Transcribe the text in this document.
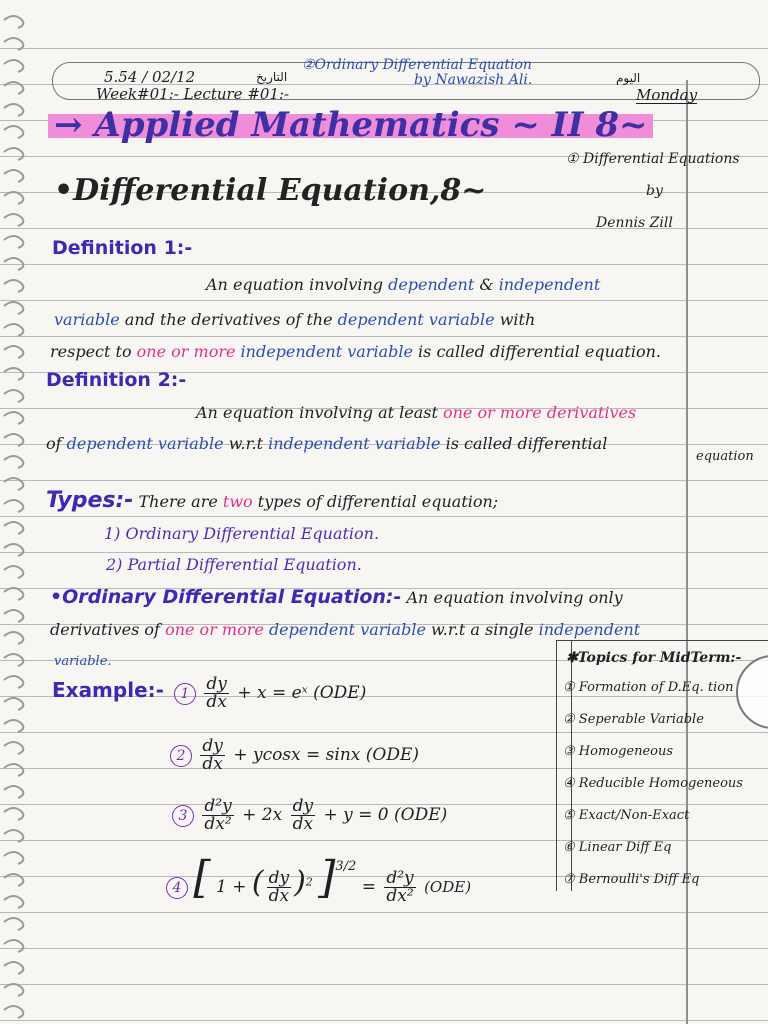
5.54 / 02/12	التاريخ
②Ordinary Differential Equation
by Nawazish Ali.	اليوم
Monday
Week#01:- Lecture #01:-
→ Applied Mathematics ~ II 8~
① Differential Equations
by
Dennis Zill
•Differential Equation,8~
Definition 1:-
An equation involving dependent & independent
variable and the derivatives of the dependent variable with
respect to one or more independent variable is called differential equation.
Definition 2:-
An equation involving at least one or more derivatives
of dependent variable w.r.t independent variable is called differential
equation
Types:- There are two types of differential equation;
1) Ordinary Differential Equation.
2) Partial Differential Equation.
•Ordinary Differential Equation:- An equation involving only
derivatives of one or more dependent variable w.r.t a single independent
variable.
Example:-	$1 \frac{dy}{dx} + x$ = eˣ (ODE)
$2 \frac{dy}{dx} + ycosx = \sin x$ (ODE)
$3 \frac{\text{d²y}}{\text{dx²}} + 2x \frac{dy}{dx} + y = 0$ (ODE)
4 [ 1 + ( $\frac{dy}{dx} )^2$ ]$^{3/2} = \frac{\text{d²y}}{\text{dx²}} (ODE)$
✱Topics for MidTerm:-
① Formation of D.Eq. tion
② Seperable Variable
③ Homogeneous
④ Reducible Homogeneous
⑤ Exact/Non-Exact
⑥ Linear Diff Eq
⑦ Bernoulli's Diff Eq
